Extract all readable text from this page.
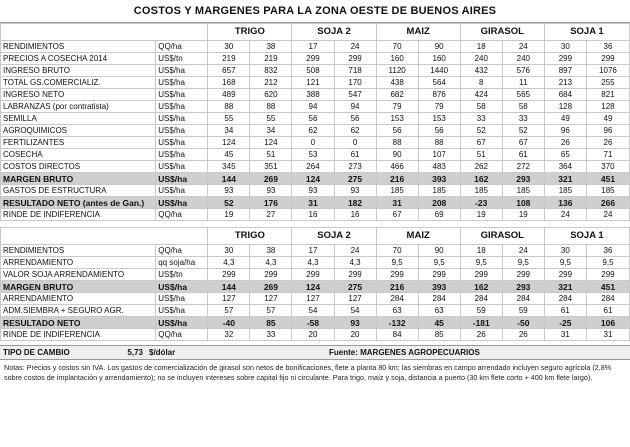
COSTOS Y MARGENES PARA LA ZONA OESTE DE BUENOS AIRES
POR ADMINISTRACIÓN		TRIGO		SOJA 2		MAIZ		GIRASOL		SOJA 1	
RENDIMIENTOS	QQ/ha	30	38	17	24	70	90	18	24	30	36
PRECIOS A COSECHA 2014	US$/tn	219	219	299	299	160	160	240	240	299	299
INGRESO BRUTO	US$/ha	657	832	508	718	1120	1440	432	576	897	1076
TOTAL GS.COMERCIALIZ.	US$/ha	168	212	121	170	438	564	8	11	213	255
INGRESO NETO	US$/ha	489	620	388	547	682	876	424	565	684	821
LABRANZAS (por contratista)	US$/ha	88	88	94	94	79	79	58	58	128	128
SEMILLA	US$/ha	55	55	56	56	153	153	33	33	49	49
AGROQUIMICOS	US$/ha	34	34	62	62	56	56	52	52	96	96
FERTILIZANTES	US$/ha	124	124	0	0	88	88	67	67	26	26
COSECHA	US$/ha	45	51	53	61	90	107	51	61	65	71
COSTOS DIRECTOS	US$/ha	345	351	264	273	466	483	262	272	364	370
MARGEN BRUTO	US$/ha	144	269	124	275	216	393	162	293	321	451
GASTOS DE ESTRUCTURA	US$/ha	93	93	93	93	185	185	185	185	185	185
RESULTADO NETO (antes de Gan.)	US$/ha	52	176	31	182	31	208	-23	108	136	266
RINDE DE INDIFERENCIA	QQ/ha	19	27	16	16	67	69	19	19	24	24
EN CAMPO ARRENDADO		TRIGO		SOJA 2		MAIZ		GIRASOL		SOJA 1	
RENDIMIENTOS	QQ/ha	30	38	17	24	70	90	18	24	30	36
ARRENDAMIENTO	qq soja/ha	4,3	4,3	4,3	4,3	9,5	9,5	9,5	9,5	9,5	9,5
VALOR SOJA ARRENDAMIENTO	US$/tn	299	299	299	299	299	299	299	299	299	299
MARGEN BRUTO	US$/ha	144	269	124	275	216	393	162	293	321	451
ARRENDAMIENTO	US$/ha	127	127	127	127	284	284	284	284	284	284
ADM.SIEMBRA + SEGURO AGR.	US$/ha	57	57	54	54	63	63	59	59	61	61
RESULTADO NETO	US$/ha	-40	85	-58	93	-132	45	-181	-50	-25	106
RINDE DE INDIFERENCIA	QQ/ha	32	33	20	20	84	85	26	26	31	31
TIPO DE CAMBIO	5,73 $/dólar	Fuente: MARGENES AGROPECUARIOS
Notas: Precios y costos sin IVA. Los gastos de comercialización de girasol son netos de bonificaciones, flete a planta 80 km; las siembras en campo arrendado incluyen seguro agrícola (2,8% sobre costos de implantación y arrendamiento); no se incluyen intereses sobre capital fijo ni circulante. Para trigo, maíz y soja, distancia a puerto (30 km flete corto + 400 km flete largo).
